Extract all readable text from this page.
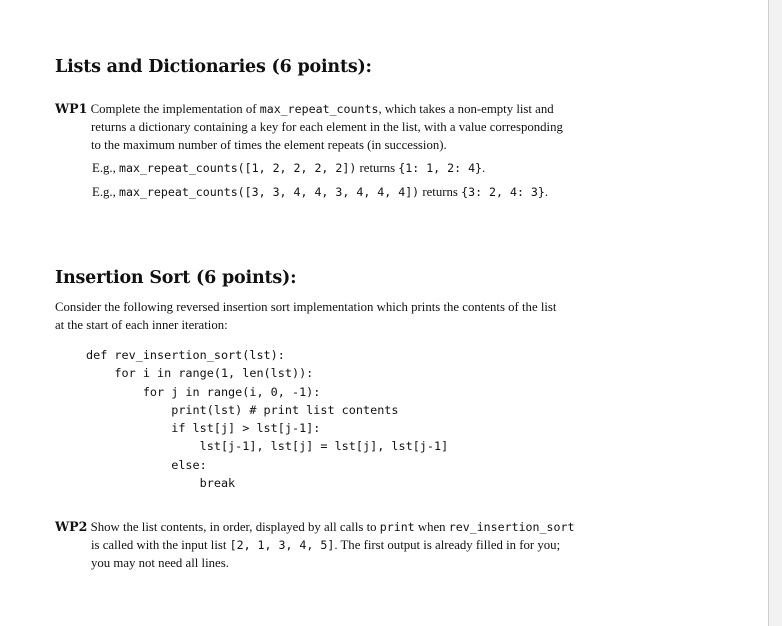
Lists and Dictionaries (6 points):
WP1 Complete the implementation of max_repeat_counts, which takes a non-empty list and
returns a dictionary containing a key for each element in the list, with a value corresponding
to the maximum number of times the element repeats (in succession).
E.g., max_repeat_counts([1, 2, 2, 2, 2]) returns {1: 1, 2: 4}.
E.g., max_repeat_counts([3, 3, 4, 4, 3, 4, 4, 4]) returns {3: 2, 4: 3}.
Insertion Sort (6 points):
Consider the following reversed insertion sort implementation which prints the contents of the list
at the start of each inner iteration:
def rev_insertion_sort(lst):
for i in range(1, len(lst)):
for j in range(i, 0, -1):
print(lst) # print list contents
if lst[j] > lst[j-1]:
lst[j-1], lst[j] = lst[j], lst[j-1]
else:
break
WP2 Show the list contents, in order, displayed by all calls to print when rev_insertion_sort
is called with the input list [2, 1, 3, 4, 5]. The first output is already filled in for you;
you may not need all lines.
